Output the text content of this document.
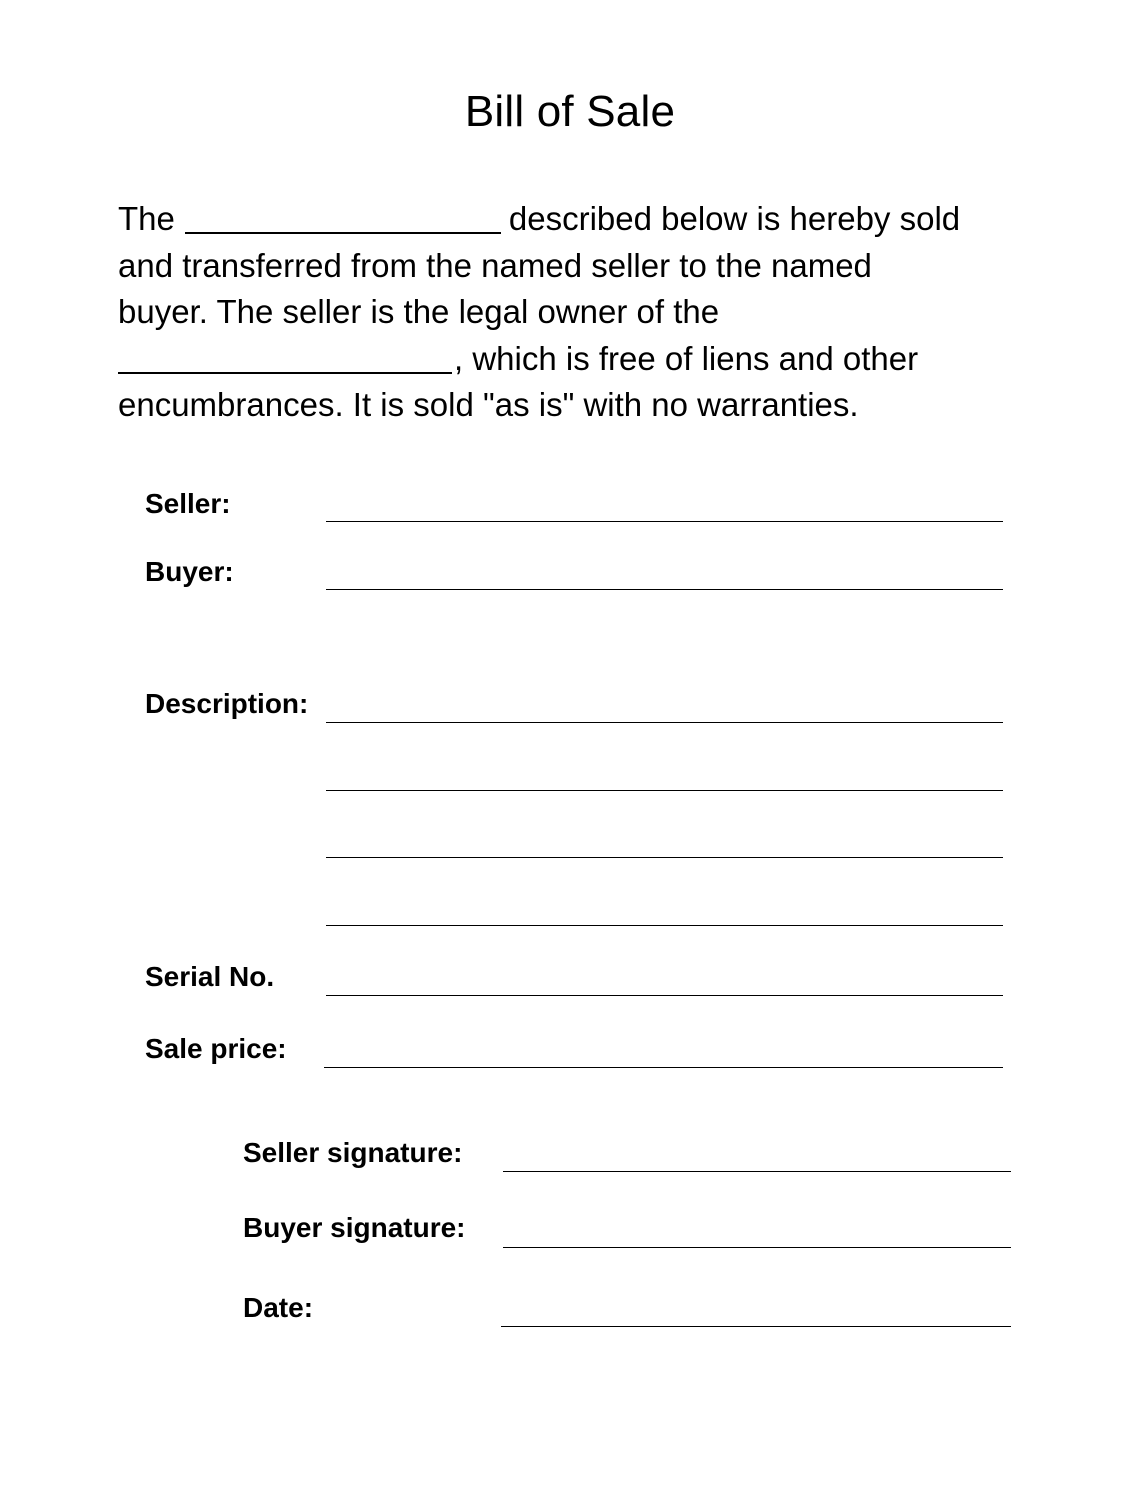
Bill of Sale

The	described below is hereby sold
and transferred from the named seller to the named
buyer. The seller is the legal owner of the
, which is free of liens and other
encumbrances. It is sold "as is" with no warranties.

Seller:

Buyer:

Description:

Serial No.

Sale price:

Seller signature:

Buyer signature:

Date:
